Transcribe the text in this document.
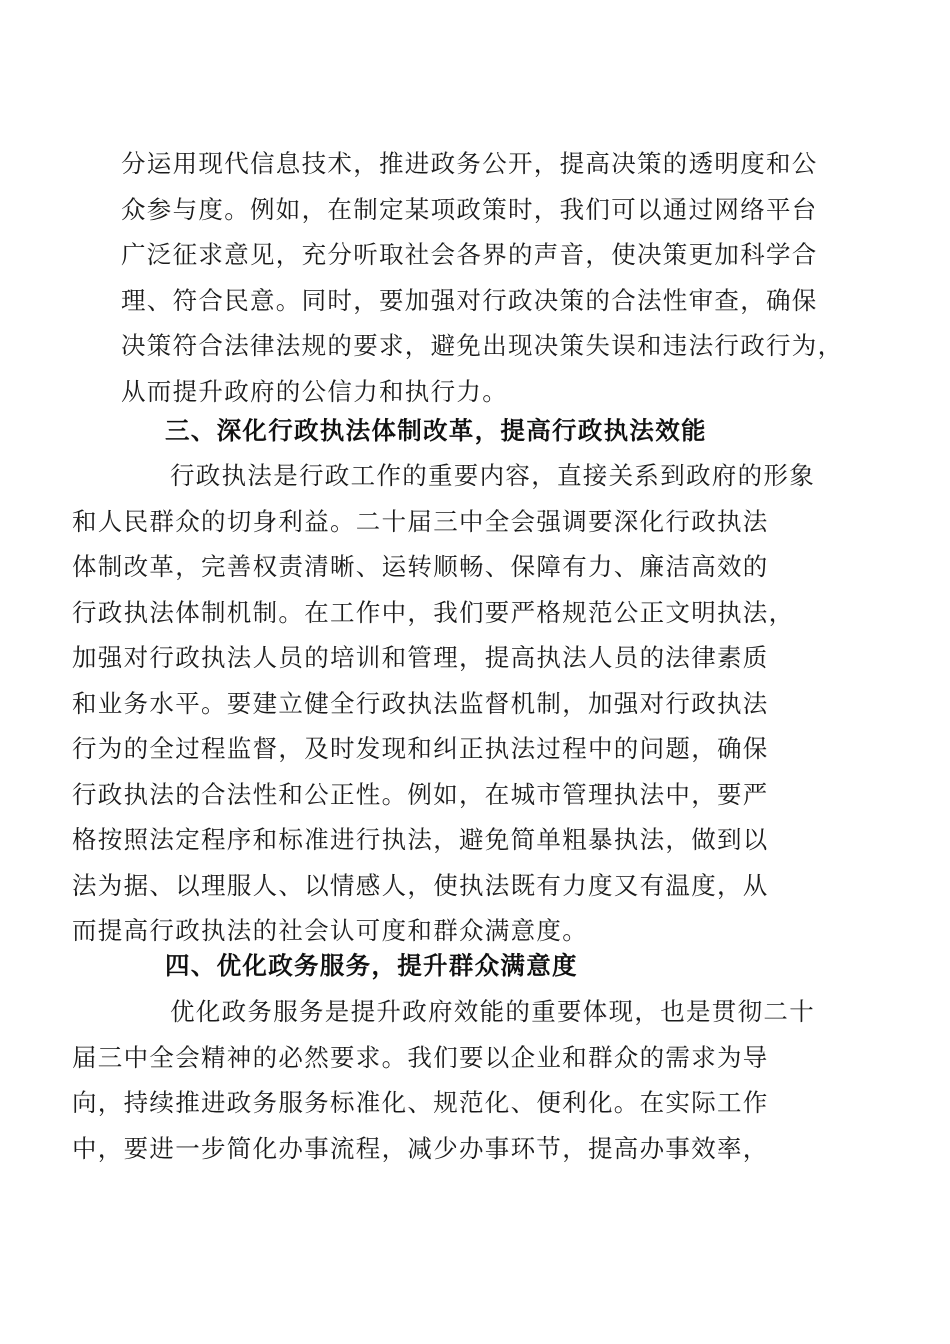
分运用现代信息技术，推进政务公开，提高决策的透明度和公
众参与度。例如，在制定某项政策时，我们可以通过网络平台
广泛征求意见，充分听取社会各界的声音，使决策更加科学合
理、符合民意。同时，要加强对行政决策的合法性审查，确保
决策符合法律法规的要求，避免出现决策失误和违法行政行为，
从而提升政府的公信力和执行力。
三、深化行政执法体制改革，提高行政执法效能
行政执法是行政工作的重要内容，直接关系到政府的形象
和人民群众的切身利益。二十届三中全会强调要深化行政执法
体制改革，完善权责清晰、运转顺畅、保障有力、廉洁高效的
行政执法体制机制。在工作中，我们要严格规范公正文明执法，
加强对行政执法人员的培训和管理，提高执法人员的法律素质
和业务水平。要建立健全行政执法监督机制，加强对行政执法
行为的全过程监督，及时发现和纠正执法过程中的问题，确保
行政执法的合法性和公正性。例如，在城市管理执法中，要严
格按照法定程序和标准进行执法，避免简单粗暴执法，做到以
法为据、以理服人、以情感人，使执法既有力度又有温度，从
而提高行政执法的社会认可度和群众满意度。
四、优化政务服务，提升群众满意度
优化政务服务是提升政府效能的重要体现，也是贯彻二十
届三中全会精神的必然要求。我们要以企业和群众的需求为导
向，持续推进政务服务标准化、规范化、便利化。在实际工作
中，要进一步简化办事流程，减少办事环节，提高办事效率，
